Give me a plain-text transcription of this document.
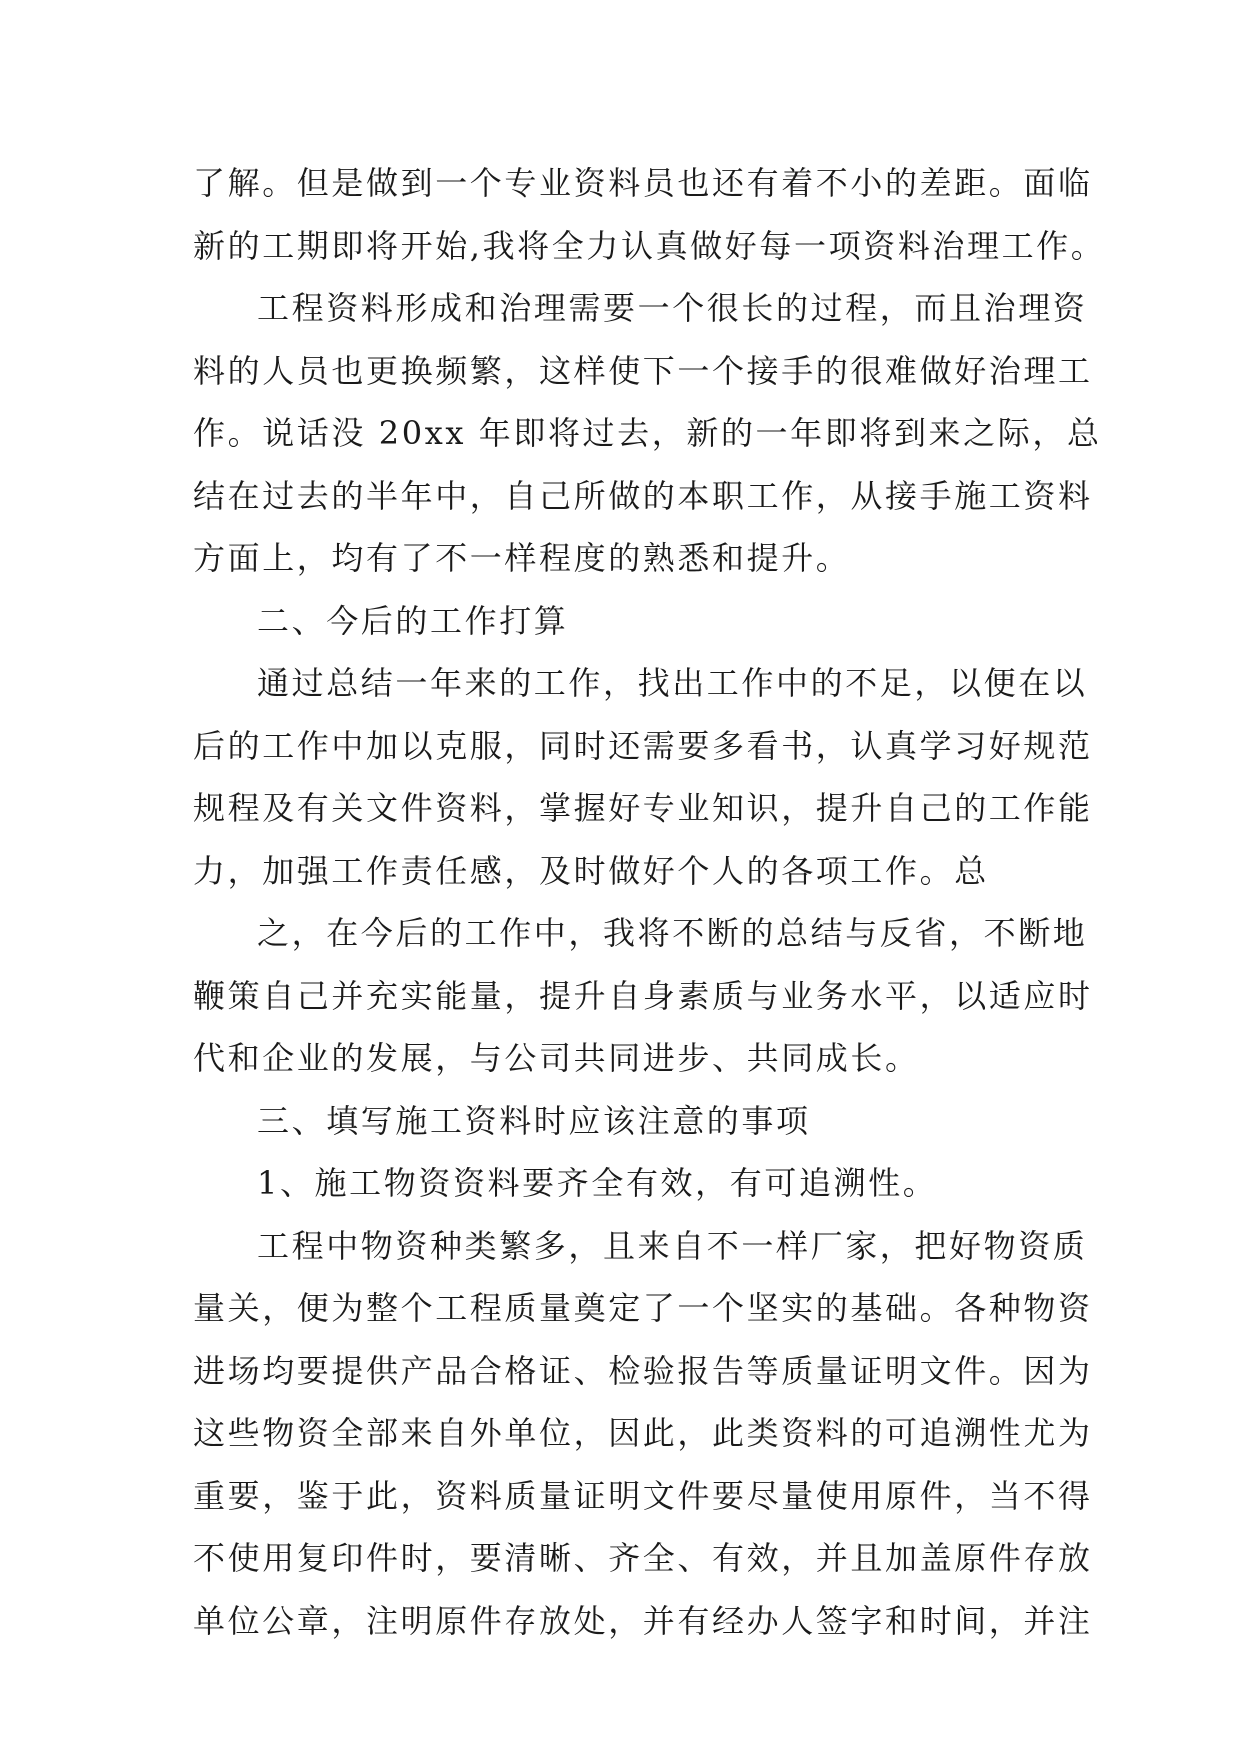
了解。但是做到一个专业资料员也还有着不小的差距。面临
新的工期即将开始,我将全力认真做好每一项资料治理工作。
工程资料形成和治理需要一个很长的过程，而且治理资
料的人员也更换频繁，这样使下一个接手的很难做好治理工
作。说话没 20xx 年即将过去，新的一年即将到来之际，总
结在过去的半年中，自己所做的本职工作，从接手施工资料
方面上，均有了不一样程度的熟悉和提升。
二、今后的工作打算
通过总结一年来的工作，找出工作中的不足，以便在以
后的工作中加以克服，同时还需要多看书，认真学习好规范
规程及有关文件资料，掌握好专业知识，提升自己的工作能
力，加强工作责任感，及时做好个人的各项工作。总
之，在今后的工作中，我将不断的总结与反省，不断地
鞭策自己并充实能量，提升自身素质与业务水平，以适应时
代和企业的发展，与公司共同进步、共同成长。
三、填写施工资料时应该注意的事项
1、施工物资资料要齐全有效，有可追溯性。
工程中物资种类繁多，且来自不一样厂家，把好物资质
量关，便为整个工程质量奠定了一个坚实的基础。各种物资
进场均要提供产品合格证、检验报告等质量证明文件。因为
这些物资全部来自外单位，因此，此类资料的可追溯性尤为
重要，鉴于此，资料质量证明文件要尽量使用原件，当不得
不使用复印件时，要清晰、齐全、有效，并且加盖原件存放
单位公章，注明原件存放处，并有经办人签字和时间，并注
